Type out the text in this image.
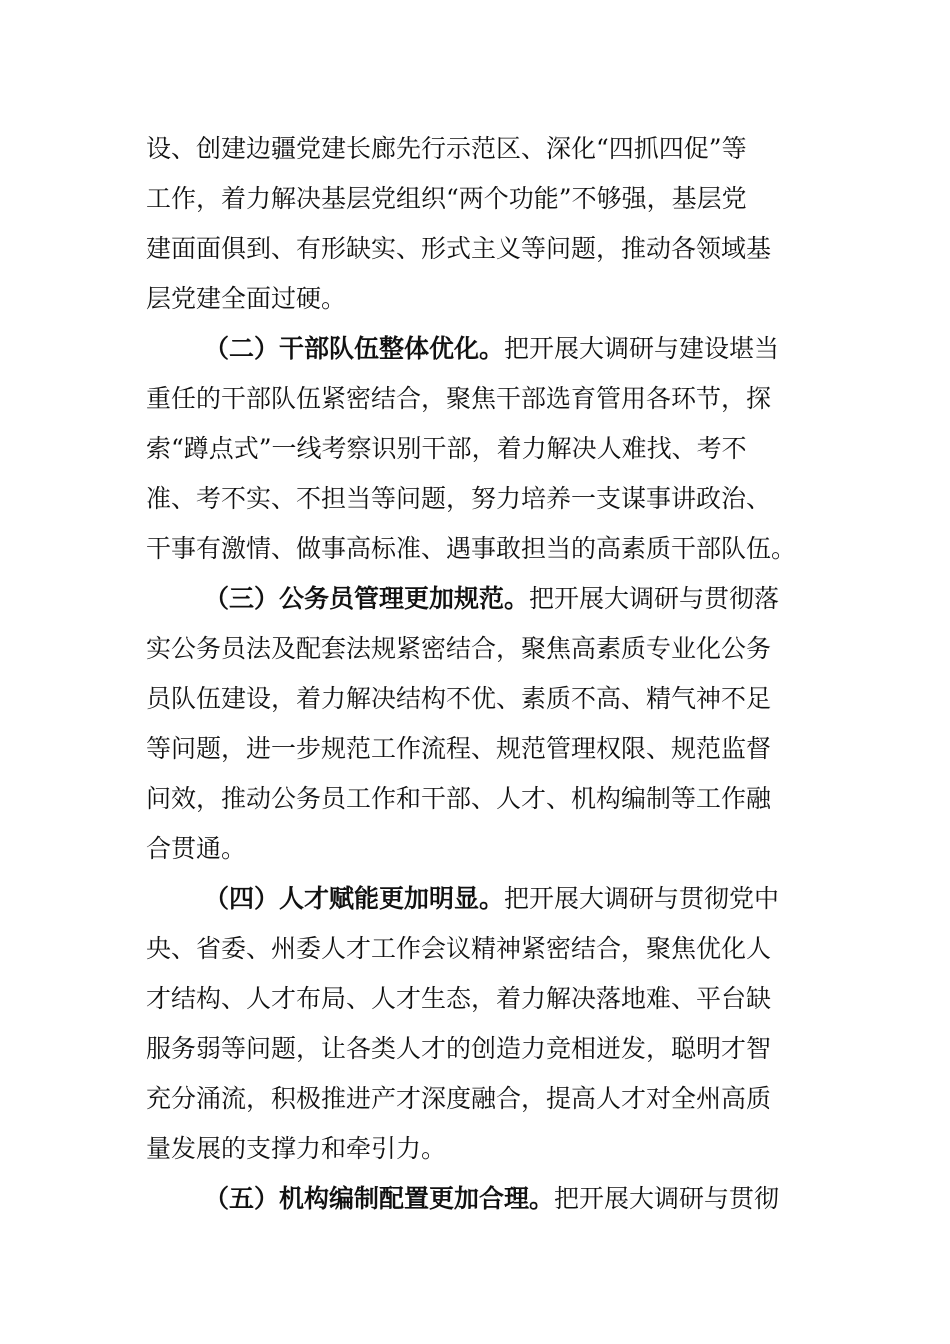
设、创建边疆党建长廊先行示范区、深化“四抓四促”等
工作，着力解决基层党组织“两个功能”不够强，基层党
建面面俱到、有形缺实、形式主义等问题，推动各领域基
层党建全面过硬。
（二）干部队伍整体优化。把开展大调研与建设堪当
重任的干部队伍紧密结合，聚焦干部选育管用各环节，探
索“蹲点式”一线考察识别干部，着力解决人难找、考不
准、考不实、不担当等问题，努力培养一支谋事讲政治、
干事有激情、做事高标准、遇事敢担当的高素质干部队伍。
（三）公务员管理更加规范。把开展大调研与贯彻落
实公务员法及配套法规紧密结合，聚焦高素质专业化公务
员队伍建设，着力解决结构不优、素质不高、精气神不足
等问题，进一步规范工作流程、规范管理权限、规范监督
问效，推动公务员工作和干部、人才、机构编制等工作融
合贯通。
（四）人才赋能更加明显。把开展大调研与贯彻党中
央、省委、州委人才工作会议精神紧密结合，聚焦优化人
才结构、人才布局、人才生态，着力解决落地难、平台缺
服务弱等问题，让各类人才的创造力竞相迸发，聪明才智
充分涌流，积极推进产才深度融合，提高人才对全州高质
量发展的支撑力和牵引力。
（五）机构编制配置更加合理。把开展大调研与贯彻
